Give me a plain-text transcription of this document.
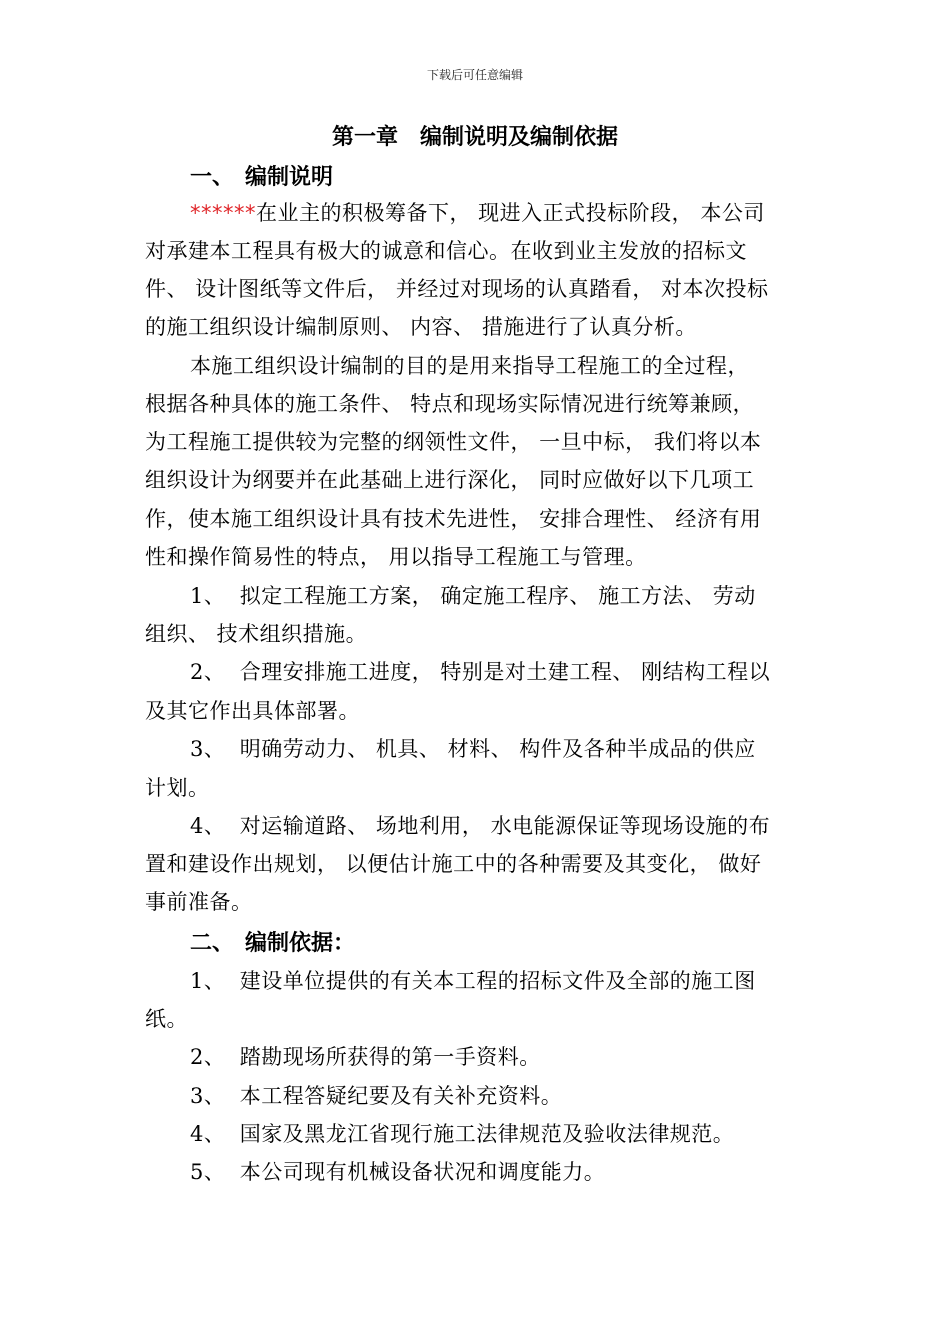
下载后可任意编辑
第一章　编制说明及编制依据
一、　编制说明
******在业主的积极筹备下， 现进入正式投标阶段， 本公司
对承建本工程具有极大的诚意和信心。在收到业主发放的招标文
件、 设计图纸等文件后， 并经过对现场的认真踏看， 对本次投标
的施工组织设计编制原则、 内容、 措施进行了认真分析。
本施工组织设计编制的目的是用来指导工程施工的全过程，
根据各种具体的施工条件、 特点和现场实际情况进行统筹兼顾，
为工程施工提供较为完整的纲领性文件， 一旦中标， 我们将以本
组织设计为纲要并在此基础上进行深化， 同时应做好以下几项工
作，使本施工组织设计具有技术先进性， 安排合理性、 经济有用
性和操作简易性的特点， 用以指导工程施工与管理。
1、 拟定工程施工方案， 确定施工程序、 施工方法、 劳动
组织、 技术组织措施。
2、 合理安排施工进度， 特别是对土建工程、 刚结构工程以
及其它作出具体部署。
3、 明确劳动力、 机具、 材料、 构件及各种半成品的供应
计划。
4、 对运输道路、 场地利用， 水电能源保证等现场设施的布
置和建设作出规划， 以便估计施工中的各种需要及其变化， 做好
事前准备。
二、　编制依据：
1、 建设单位提供的有关本工程的招标文件及全部的施工图
纸。
2、 踏勘现场所获得的第一手资料。
3、 本工程答疑纪要及有关补充资料。
4、 国家及黑龙江省现行施工法律规范及验收法律规范。
5、 本公司现有机械设备状况和调度能力。
